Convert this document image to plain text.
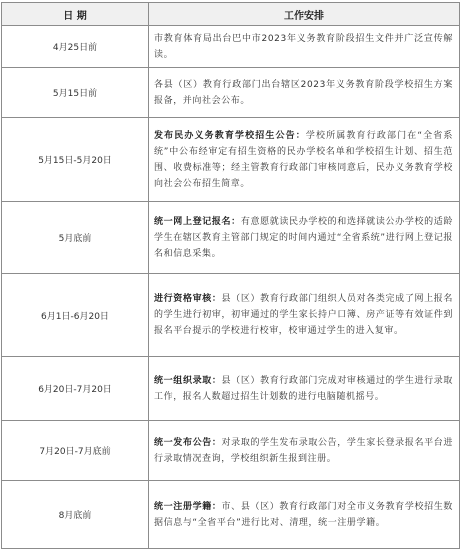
日 期	工作安排
4月25日前	市教育体育局出台巴中市2023年义务教育阶段招生文件并广泛宣传解读。
5月15日前	各县（区）教育行政部门出台辖区2023年义务教育阶段学校招生方案报备，并向社会公布。
5月15日-5月20日	发布民办义务教育学校招生公告：学校所属教育行政部门在“全省系统”中公布经审定有招生资格的民办学校名单和学校招生计划、招生范围、收费标准等；经主管教育行政部门审核同意后，民办义务教育学校向社会公布招生简章。
5月底前	统一网上登记报名：有意愿就读民办学校的和选择就读公办学校的适龄学生在辖区教育主管部门规定的时间内通过“全省系统”进行网上登记报名和信息采集。
6月1日-6月20日	进行资格审核：县（区）教育行政部门组织人员对各类完成了网上报名的学生进行初审，初审通过的学生家长持户口簿、房产证等有效证件到报名平台提示的学校进行校审，校审通过学生的进入复审。
6月20日-7月20日	统一组织录取：县（区）教育行政部门完成对审核通过的学生进行录取工作，报名人数超过招生计划数的进行电脑随机摇号。
7月20日-7月底前	统一发布公告：对录取的学生发布录取公告，学生家长登录报名平台进行录取情况查询，学校组织新生报到注册。
8月底前	统一注册学籍：市、县（区）教育行政部门对全市义务教育学校招生数据信息与“全省平台”进行比对、清理，统一注册学籍。
